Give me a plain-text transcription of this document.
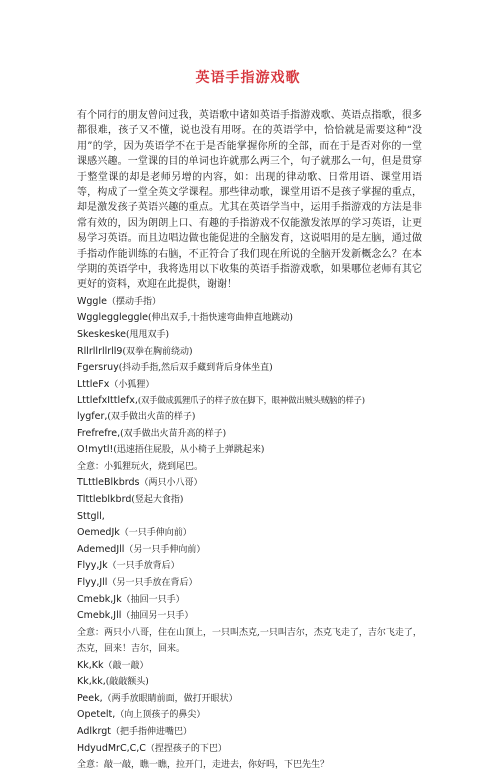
英语手指游戏歌

有个同行的朋友曾问过我，英语歌中诸如英语手指游戏歌、英语点指歌，很多都很难，孩子又不懂，说也没有用呀。在的英语学中，恰恰就是需要这种“没用”的学，因为英语学不在于是否能掌握你所的全部，而在于是否对你的一堂课感兴趣。一堂课的目的单词也许就那么两三个，句子就那么一句，但是贯穿于整堂课的却是老师另增的内容，如：出现的律动歌、日常用语、课堂用语等，构成了一堂全英文学课程。那些律动歌，课堂用语不是孩子掌握的重点，却是激发孩子英语兴趣的重点。尤其在英语学当中，运用手指游戏的方法是非常有效的，因为朗朗上口、有趣的手指游戏不仅能激发浓厚的学习英语，让更易学习英语。而且边唱边做也能促进的全脑发育，这说唱用的是左脑，通过做手指动作能训练的右脑，不正符合了我们现在所说的全脑开发新概念么？在本学期的英语学中，我将选用以下收集的英语手指游戏歌，如果哪位老师有其它更好的资料，欢迎在此提供，谢谢！

Wggle（摆动手指）
Wggleggleggle(伸出双手,十指快速弯曲伸直地跳动)
Skeskeske(甩甩双手)
Rllrllrllrll9(双拳在胸前绕动)
Fgersruy(抖动手指,然后双手藏到背后身体坐直)
LttleFx（小狐狸）
LttlefxIttlefx,(双手做成狐狸爪子的样子放在脚下，眼神做出贼头贼脑的样子)
lygfer,(双手做出火苗的样子)
Frefrefre,(双手做出火苗升高的样子)
O!mytl!(迅速捂住屁股，从小椅子上弹跳起来)
全意：小狐狸玩火，烧到尾巴。
TLttleBlkbrds（两只小八哥）
Tlttleblkbrd(竖起大食指)
Sttgll,
OemedJk（一只手伸向前）
AdemedJll（另一只手伸向前）
Flyy,Jk（一只手放背后）
Flyy,Jll（另一只手放在背后）
Cmebk,Jk（抽回一只手）
Cmebk,Jll（抽回另一只手）
全意：两只小八哥，住在山顶上，一只叫杰克,一只叫吉尔，杰克飞走了，吉尔飞走了，杰克，回来！吉尔，回来。
Kk,Kk（敲一敲）
Kk,kk,(敲敲额头)
Peek,（两手放眼睛前面，做打开眼状）
Opetelt,（向上顶孩子的鼻尖）
Adlkrgt（把手指伸进嘴巴）
HdyudMrC,C,C（捏捏孩子的下巴）
全意：敲一敲，瞧一瞧，拉开门，走进去，你好吗，下巴先生？
